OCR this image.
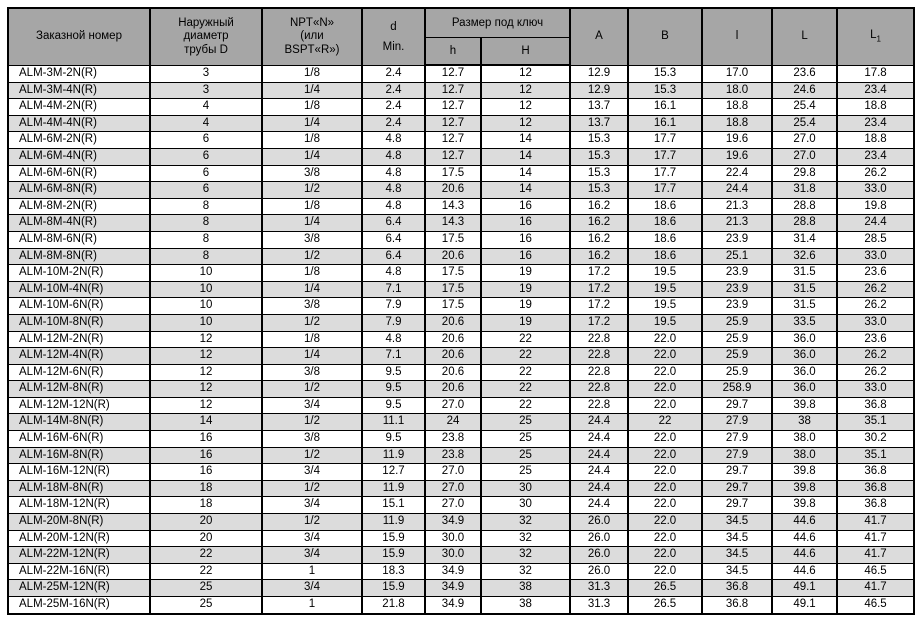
Заказной номер	Наружный
диаметр
трубы D	NPT«N»
(или
BSPT«R»)	d
Min.	Размер под ключ		A	B	l	L	$L_1$
				h	H					
ALM-3M-2N(R)	3	1/8	2.4	12.7	12	12.9	15.3	17.0	23.6	17.8
ALM-3M-4N(R)	3	1/4	2.4	12.7	12	12.9	15.3	18.0	24.6	23.4
ALM-4M-2N(R)	4	1/8	2.4	12.7	12	13.7	16.1	18.8	25.4	18.8
ALM-4M-4N(R)	4	1/4	2.4	12.7	12	13.7	16.1	18.8	25.4	23.4
ALM-6M-2N(R)	6	1/8	4.8	12.7	14	15.3	17.7	19.6	27.0	18.8
ALM-6M-4N(R)	6	1/4	4.8	12.7	14	15.3	17.7	19.6	27.0	23.4
ALM-6M-6N(R)	6	3/8	4.8	17.5	14	15.3	17.7	22.4	29.8	26.2
ALM-6M-8N(R)	6	1/2	4.8	20.6	14	15.3	17.7	24.4	31.8	33.0
ALM-8M-2N(R)	8	1/8	4.8	14.3	16	16.2	18.6	21.3	28.8	19.8
ALM-8M-4N(R)	8	1/4	6.4	14.3	16	16.2	18.6	21.3	28.8	24.4
ALM-8M-6N(R)	8	3/8	6.4	17.5	16	16.2	18.6	23.9	31.4	28.5
ALM-8M-8N(R)	8	1/2	6.4	20.6	16	16.2	18.6	25.1	32.6	33.0
ALM-10M-2N(R)	10	1/8	4.8	17.5	19	17.2	19.5	23.9	31.5	23.6
ALM-10M-4N(R)	10	1/4	7.1	17.5	19	17.2	19.5	23.9	31.5	26.2
ALM-10M-6N(R)	10	3/8	7.9	17.5	19	17.2	19.5	23.9	31.5	26.2
ALM-10M-8N(R)	10	1/2	7.9	20.6	19	17.2	19.5	25.9	33.5	33.0
ALM-12M-2N(R)	12	1/8	4.8	20.6	22	22.8	22.0	25.9	36.0	23.6
ALM-12M-4N(R)	12	1/4	7.1	20.6	22	22.8	22.0	25.9	36.0	26.2
ALM-12M-6N(R)	12	3/8	9.5	20.6	22	22.8	22.0	25.9	36.0	26.2
ALM-12M-8N(R)	12	1/2	9.5	20.6	22	22.8	22.0	258.9	36.0	33.0
ALM-12M-12N(R)	12	3/4	9.5	27.0	22	22.8	22.0	29.7	39.8	36.8
ALM-14M-8N(R)	14	1/2	11.1	24	25	24.4	22	27.9	38	35.1
ALM-16M-6N(R)	16	3/8	9.5	23.8	25	24.4	22.0	27.9	38.0	30.2
ALM-16M-8N(R)	16	1/2	11.9	23.8	25	24.4	22.0	27.9	38.0	35.1
ALM-16M-12N(R)	16	3/4	12.7	27.0	25	24.4	22.0	29.7	39.8	36.8
ALM-18M-8N(R)	18	1/2	11.9	27.0	30	24.4	22.0	29.7	39.8	36.8
ALM-18M-12N(R)	18	3/4	15.1	27.0	30	24.4	22.0	29.7	39.8	36.8
ALM-20M-8N(R)	20	1/2	11.9	34.9	32	26.0	22.0	34.5	44.6	41.7
ALM-20M-12N(R)	20	3/4	15.9	30.0	32	26.0	22.0	34.5	44.6	41.7
ALM-22M-12N(R)	22	3/4	15.9	30.0	32	26.0	22.0	34.5	44.6	41.7
ALM-22M-16N(R)	22	1	18.3	34.9	32	26.0	22.0	34.5	44.6	46.5
ALM-25M-12N(R)	25	3/4	15.9	34.9	38	31.3	26.5	36.8	49.1	41.7
ALM-25M-16N(R)	25	1	21.8	34.9	38	31.3	26.5	36.8	49.1	46.5
